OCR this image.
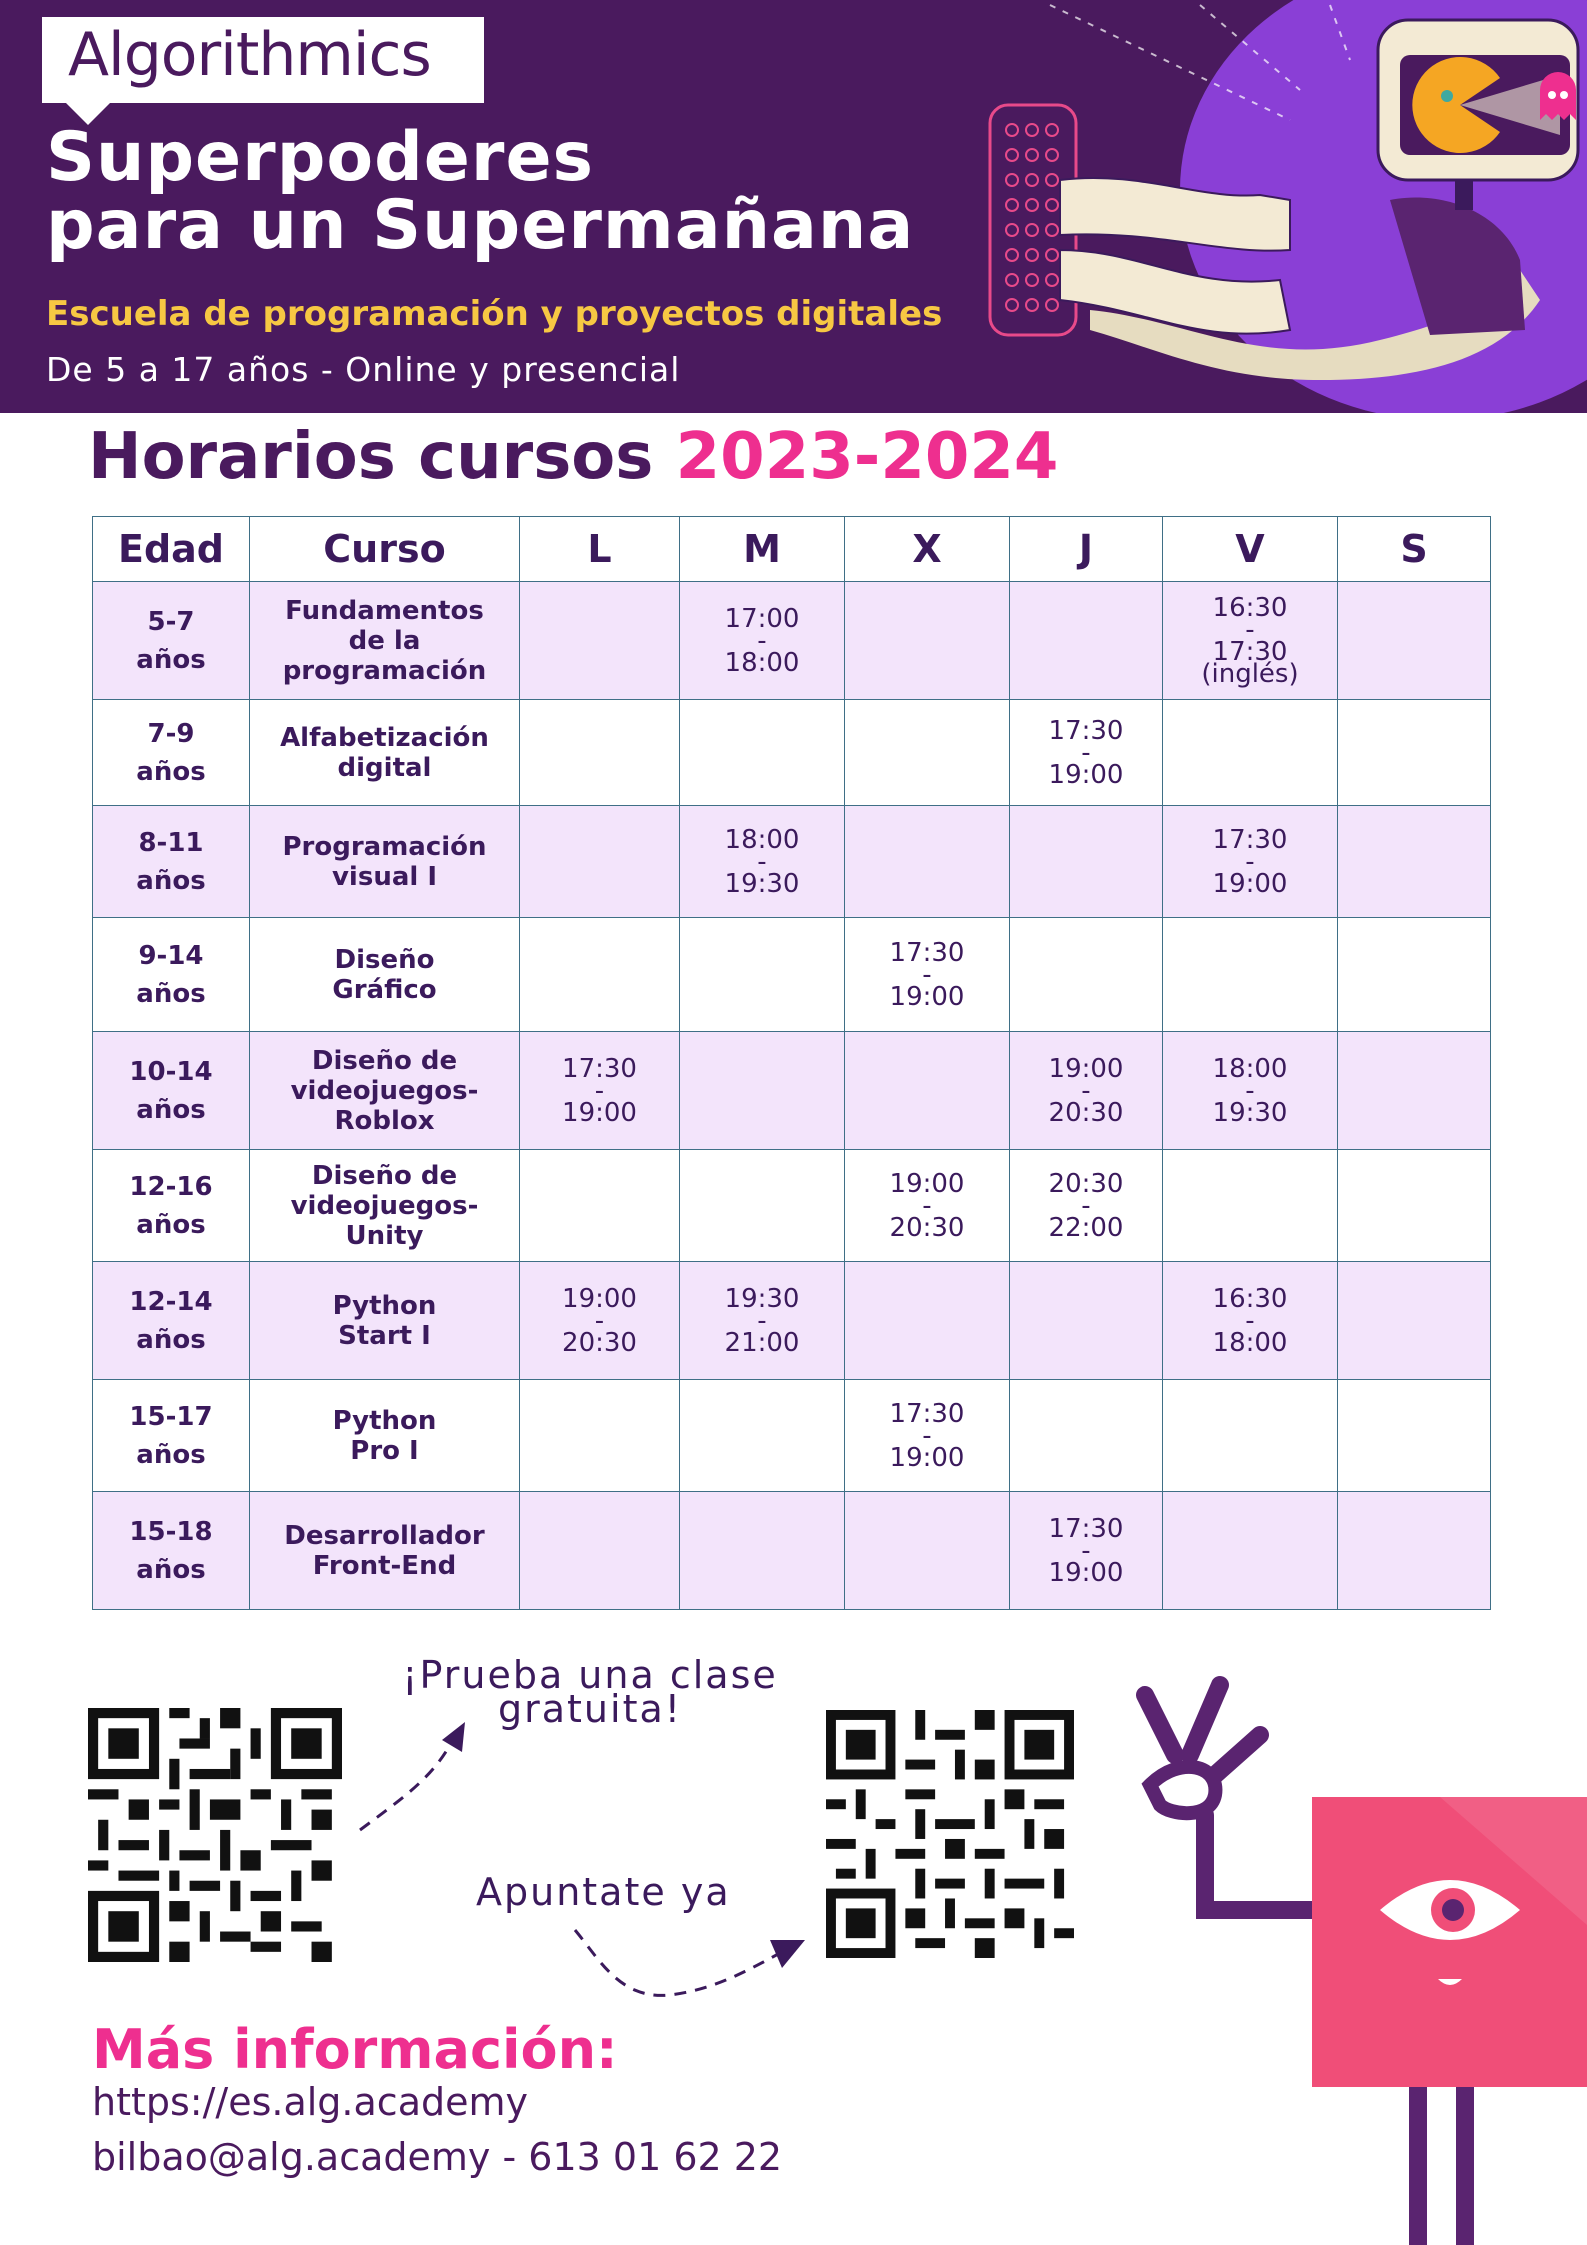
Algorithmics
Superpoderes
para un Supermañana
Escuela de programación y proyectos digitales
De 5 a 17 años - Online y presencial
Horarios cursos 2023-2024
Edad	Curso	L	M	X	J	V	S
5-7
años	Fundamentos
de la
programación		17:00
-
18:00			16:30
-
17:30
(inglés)	

7-9
años	Alfabetización
digital				17:30
-
19:00		

8-11
años	Programación
visual I		18:00
-
19:30			17:30
-
19:00	

9-14
años	Diseño
Gráfico			17:30
-
19:00			

10-14
años	Diseño de
videojuegos-
Roblox	17:30
-
19:00			19:00
-
20:30	18:00
-
19:30	

12-16
años	Diseño de
videojuegos-
Unity			19:00
-
20:30	20:30
-
22:00		

12-14
años	Python
Start I	19:00
-
20:30	19:30
-
21:00			16:30
-
18:00	

15-17
años	Python
Pro I			17:30
-
19:00			

15-18
años	Desarrollador
Front-End				17:30
-
19:00		

¡Prueba una clase
gratuita!
Apuntate ya
Más información:
https://es.alg.academy
bilbao@alg.academy - 613 01 62 22
